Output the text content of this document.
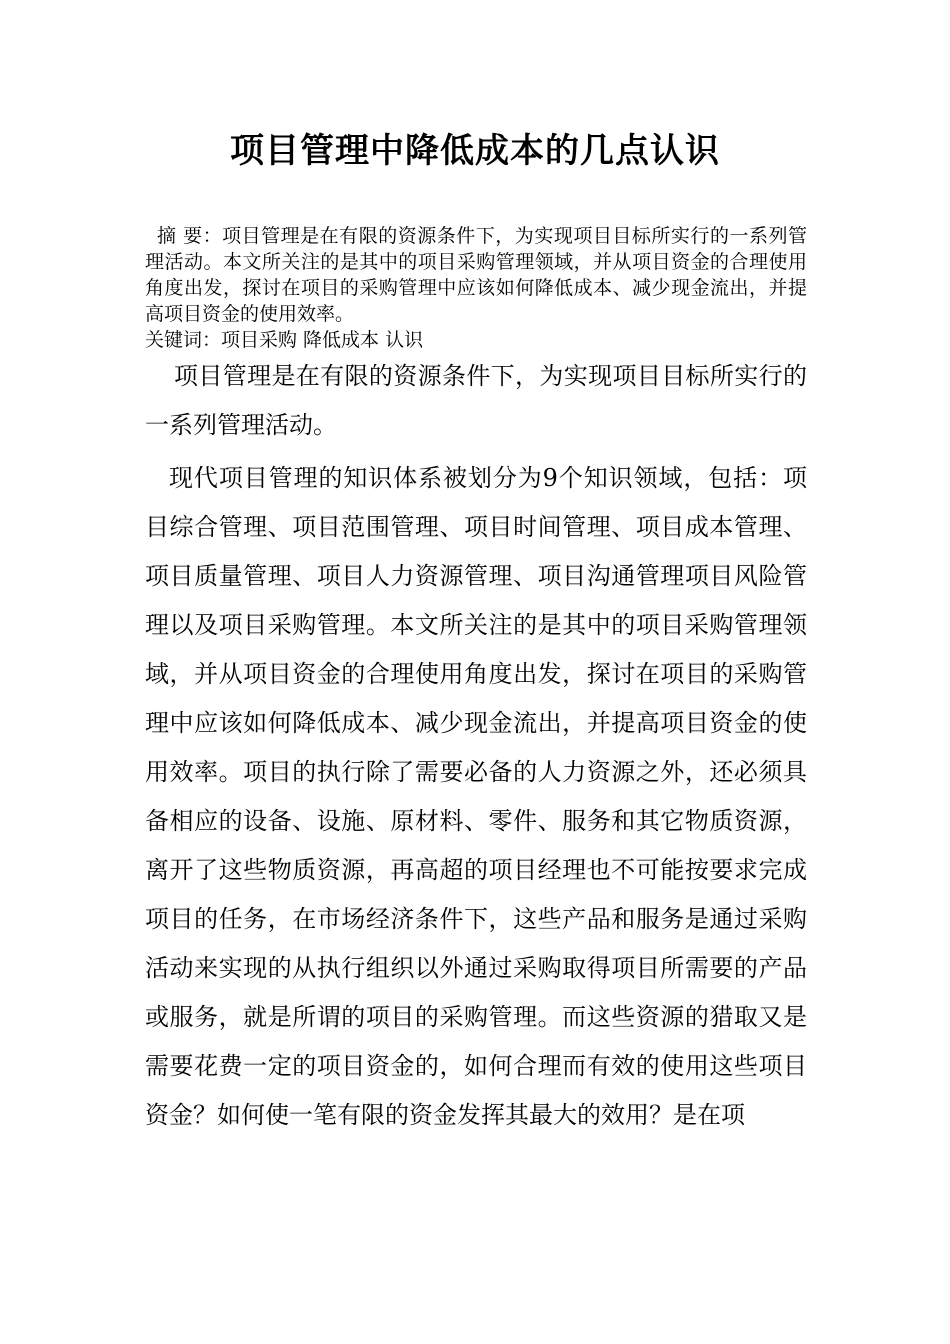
项目管理中降低成本的几点认识

摘 要：项目管理是在有限的资源条件下，为实现项目目标所实行的一系列管理活动。本文所关注的是其中的项目采购管理领域，并从项目资金的合理使用角度出发，探讨在项目的采购管理中应该如何降低成本、减少现金流出，并提高项目资金的使用效率。

关键词：项目采购 降低成本 认识

项目管理是在有限的资源条件下，为实现项目目标所实行的一系列管理活动。

现代项目管理的知识体系被划分为9个知识领域，包括：项目综合管理、项目范围管理、项目时间管理、项目成本管理、项目质量管理、项目人力资源管理、项目沟通管理项目风险管理以及项目采购管理。本文所关注的是其中的项目采购管理领域，并从项目资金的合理使用角度出发，探讨在项目的采购管理中应该如何降低成本、减少现金流出，并提高项目资金的使用效率。项目的执行除了需要必备的人力资源之外，还必须具备相应的设备、设施、原材料、零件、服务和其它物质资源，离开了这些物质资源，再高超的项目经理也不可能按要求完成项目的任务，在市场经济条件下，这些产品和服务是通过采购活动来实现的从执行组织以外通过采购取得项目所需要的产品或服务，就是所谓的项目的采购管理。而这些资源的猎取又是需要花费一定的项目资金的，如何合理而有效的使用这些项目资金？如何使一笔有限的资金发挥其最大的效用？是在项
